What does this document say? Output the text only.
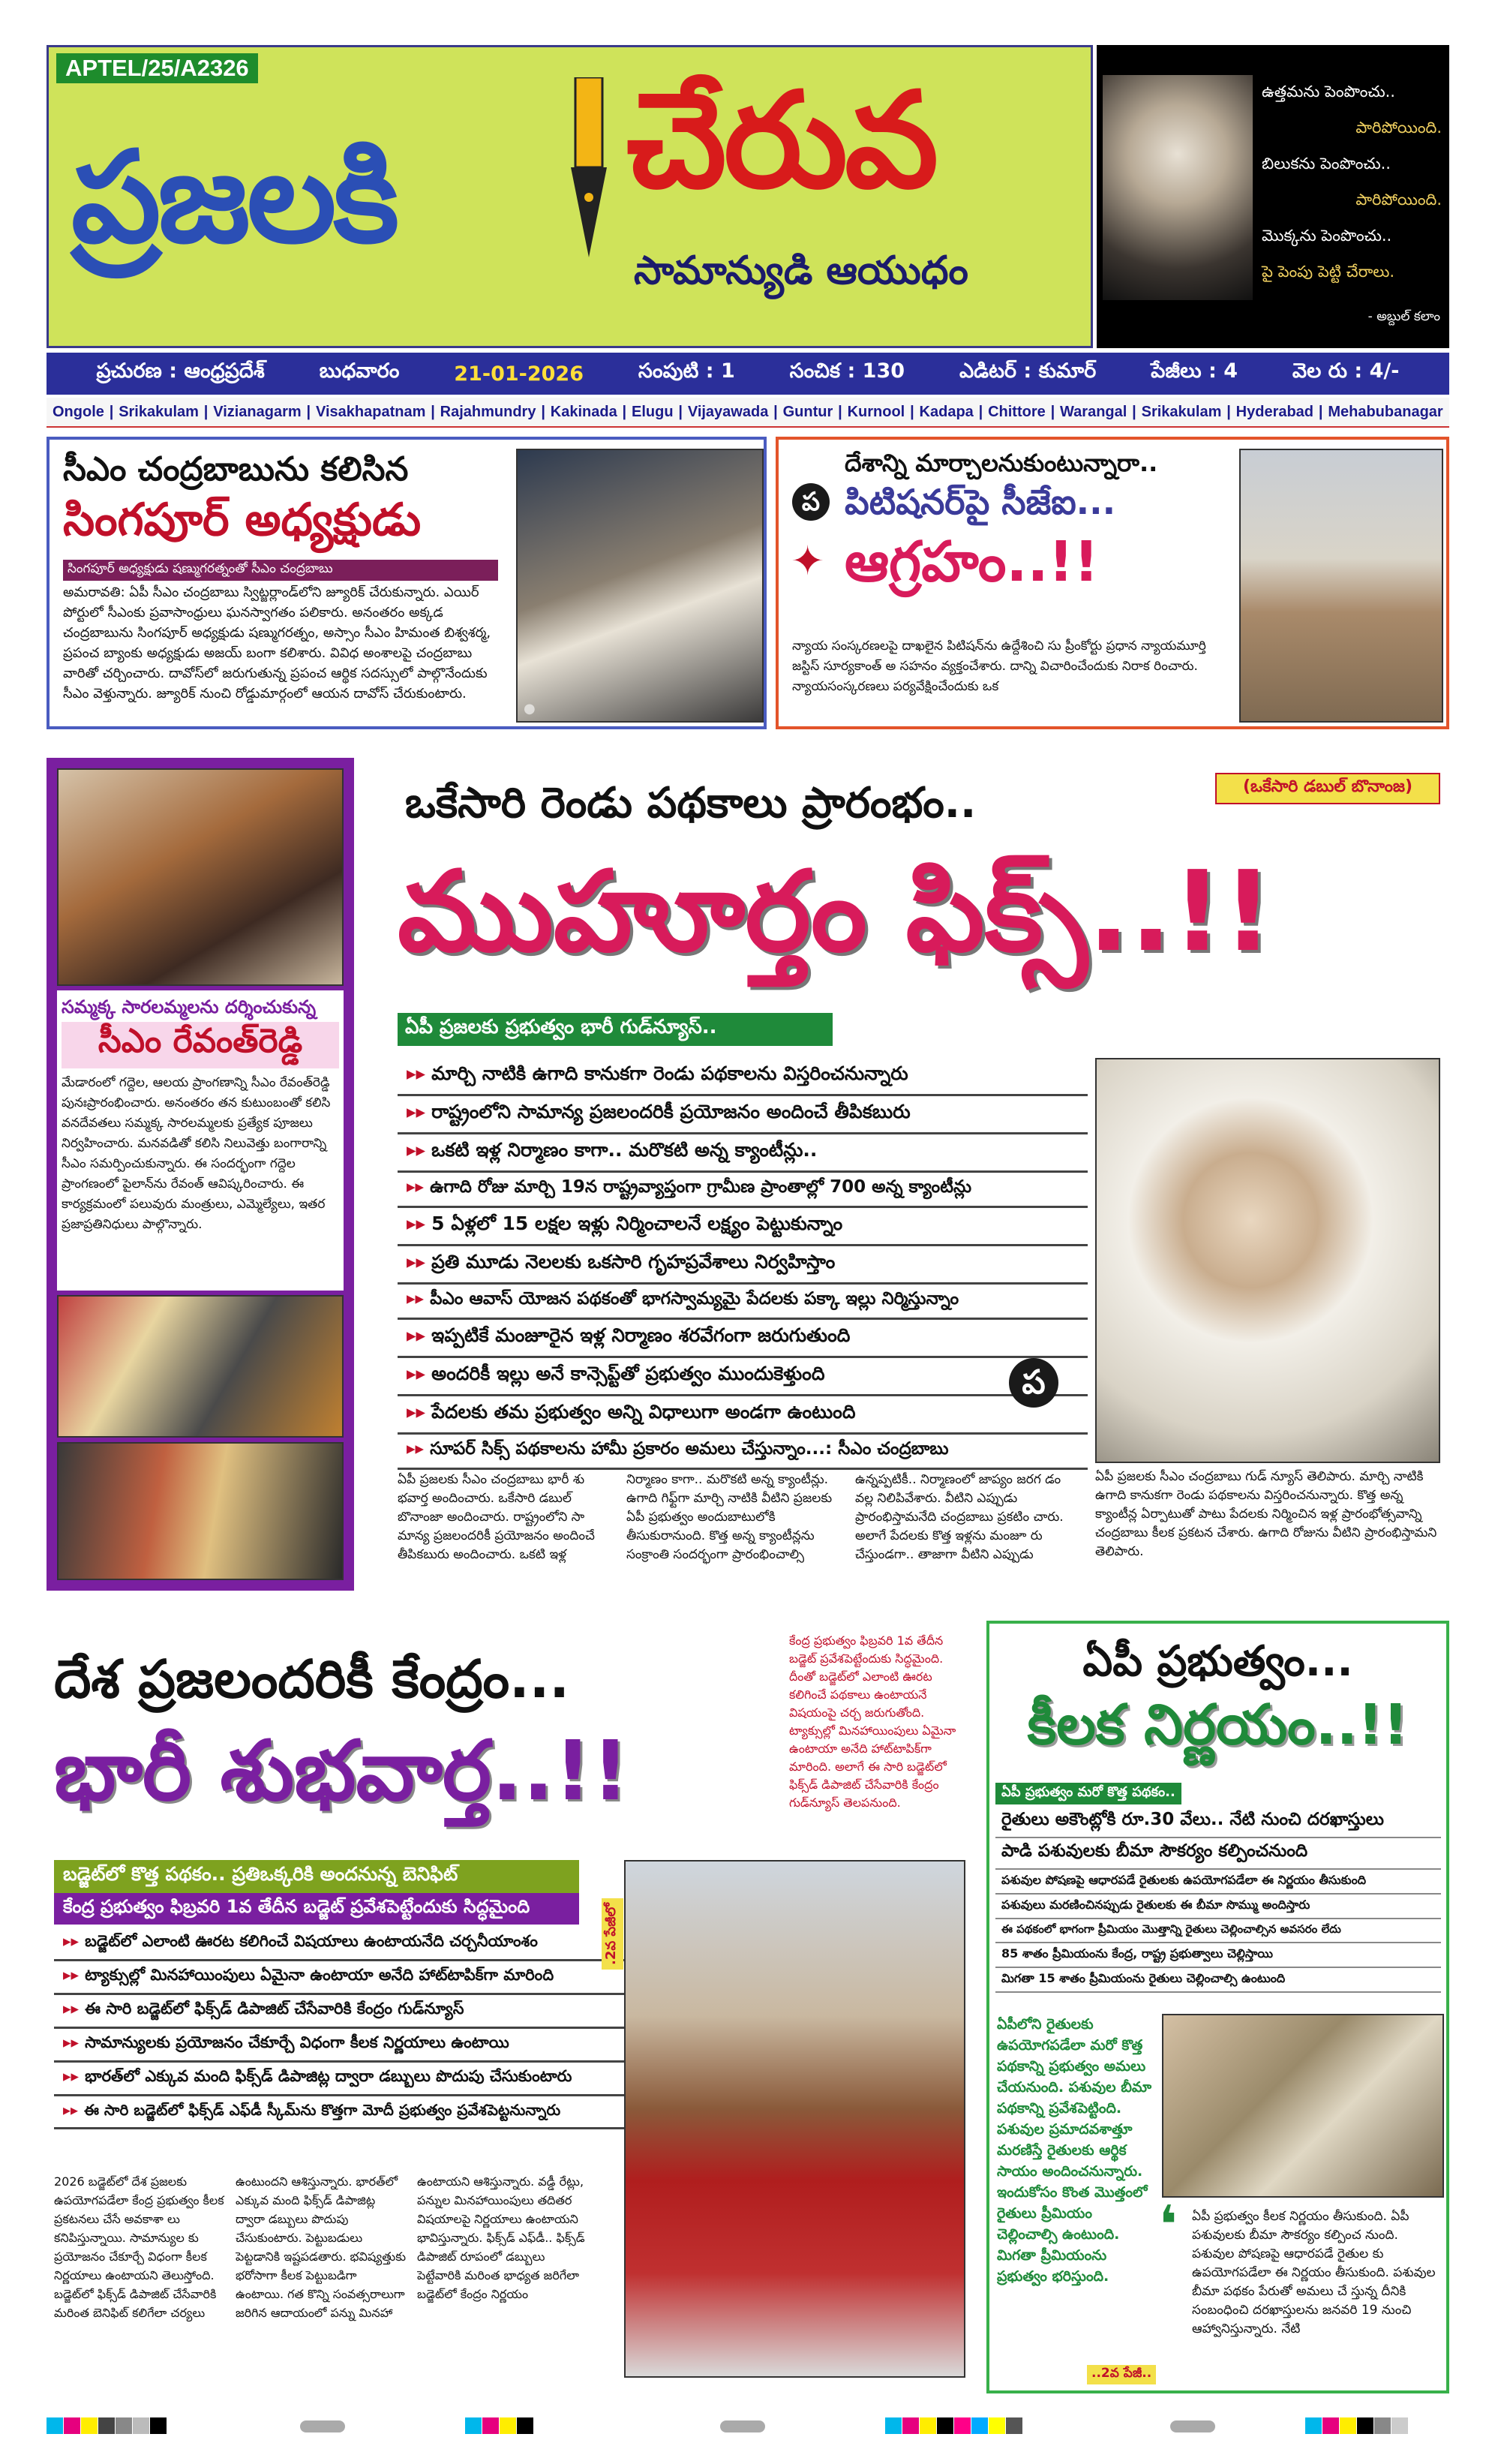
APTEL/25/A2326
ప్రజలకి చేరువ
సామాన్యుడి ఆయుధం
ఉత్తమను పెంపొంచు..
పారిపోయింది.
బిలుకను పెంపొంచు..
పారిపోయింది.
మొక్కను పెంపొంచు..
పై పెంపు పెట్టి చేరాలు.
- అబ్దుల్ కలాం
ప్రచురణ : ఆంధ్రప్రదేశ్	బుధవారం	21-01-2026	సంపుటి : 1	సంచిక : 130	ఎడిటర్ : కుమార్	పేజీలు : 4	వెల రు : 4/-
Ongole | Srikakulam | Vizianagarm | Visakhapatnam | Rajahmundry | Kakinada | Elugu | Vijayawada | Guntur | Kurnool | Kadapa | Chittore | Warangal | Srikakulam | Hyderabad | Mehabubanagar
సీఎం చంద్రబాబును కలిసిన
సింగపూర్ అధ్యక్షుడు
సింగపూర్ అధ్యక్షుడు షణ్ముగరత్నంతో సీఎం చంద్రబాబు
అమరావతి: ఏపీ సీఎం చంద్రబాబు స్విట్జర్లాండ్‌లోని జ్యూరిక్ చేరుకున్నారు. ఎయిర్ పోర్టులో సీఎంకు ప్రవాసాంధ్రులు ఘనస్వాగతం పలికారు. అనంతరం అక్కడ చంద్రబాబును సింగపూర్ అధ్యక్షుడు షణ్ముగరత్నం, అస్సాం సీఎం హిమంత బిశ్వశర్మ, ప్రపంచ బ్యాంకు అధ్యక్షుడు అజయ్ బంగా కలిశారు. వివిధ అంశాలపై చంద్రబాబు వారితో చర్చించారు. దావోస్‌లో జరుగుతున్న ప్రపంచ ఆర్థిక సదస్సులో పాల్గొనేందుకు సీఎం వెళ్తున్నారు. జ్యూరిక్ నుంచి రోడ్డుమార్గంలో ఆయన దావోస్ చేరుకుంటారు.
●
దేశాన్ని మార్చాలనుకుంటున్నారా..
ప పిటిషనర్‌పై సీజేఐ...
✦ ఆగ్రహం..!!
న్యాయ సంస్కరణలపై దాఖలైన పిటిషన్‌ను ఉద్దేశించి సు ప్రీంకోర్టు ప్రధాన న్యాయమూర్తి జస్టిస్ సూర్యకాంత్ అ సహనం వ్యక్తంచేశారు. దాన్ని విచారించేందుకు నిరాక రించారు. న్యాయసంస్కరణలు పర్యవేక్షించేందుకు ఒక
సమ్మక్క సారలమ్మలను దర్శించుకున్న
సీఎం రేవంత్‌రెడ్డి
మేడారంలో గద్దెల, ఆలయ ప్రాంగణాన్ని సీఎం రేవంత్‌రెడ్డి పునఃప్రారంభించారు. అనంతరం తన కుటుంబంతో కలిసి వనదేవతలు సమ్మక్క సారలమ్మలకు ప్రత్యేక పూజలు నిర్వహించారు. మనవడితో కలిసి నిలువెత్తు బంగారాన్ని సీఎం సమర్పించుకున్నారు. ఈ సందర్భంగా గద్దెల ప్రాంగణంలో పైలాన్‌ను రేవంత్ ఆవిష్కరించారు. ఈ కార్యక్రమంలో పలువురు మంత్రులు, ఎమ్మెల్యేలు, ఇతర ప్రజాప్రతినిధులు పాల్గొన్నారు.
ఒకేసారి రెండు పథకాలు ప్రారంభం..	(ఒకేసారి డబుల్ బొనాంజ)
ముహూర్తం ఫిక్స్..!!
ఏపీ ప్రజలకు ప్రభుత్వం భారీ గుడ్‌న్యూస్..
▸▸ మార్చి నాటికి ఉగాది కానుకగా రెండు పథకాలను విస్తరించనున్నారు
▸▸ రాష్ట్రంలోని సామాన్య ప్రజలందరికీ ప్రయోజనం అందించే తీపికబురు
▸▸ ఒకటి ఇళ్ల నిర్మాణం కాగా.. మరొకటి అన్న క్యాంటీన్లు..
▸▸ ఉగాది రోజు మార్చి 19న రాష్ట్రవ్యాప్తంగా గ్రామీణ ప్రాంతాల్లో 700 అన్న క్యాంటీన్లు
▸▸ 5 ఏళ్లలో 15 లక్షల ఇళ్లు నిర్మించాలనే లక్ష్యం పెట్టుకున్నాం
▸▸ ప్రతి మూడు నెలలకు ఒకసారి గృహప్రవేశాలు నిర్వహిస్తాం
▸▸ పీఎం ఆవాస్ యోజన పథకంతో భాగస్వామ్యమై పేదలకు పక్కా ఇల్లు నిర్మిస్తున్నాం
▸▸ ఇప్పటికే మంజూరైన ఇళ్ల నిర్మాణం శరవేగంగా జరుగుతుంది
▸▸ అందరికీ ఇల్లు అనే కాన్సెప్ట్‌తో ప్రభుత్వం ముందుకెళ్తుంది
▸▸ పేదలకు తమ ప్రభుత్వం అన్ని విధాలుగా అండగా ఉంటుంది
▸▸ సూపర్ సిక్స్ పథకాలను హామీ ప్రకారం అమలు చేస్తున్నాం...: సీఎం చంద్రబాబు
ప
ఏపీ ప్రజలకు సీఎం చంద్రబాబు భారీ శు భవార్త అందించారు. ఒకేసారి డబుల్ బొనాంజా అందించారు. రాష్ట్రంలోని సా మాన్య ప్రజలందరికీ ప్రయోజనం అందించే తీపికబురు అందించారు. ఒకటి ఇళ్ల
నిర్మాణం కాగా.. మరొకటి అన్న క్యాంటీన్లు. ఉగాది గిఫ్ట్‌గా మార్చి నాటికి వీటిని ప్రజలకు ఏపీ ప్రభుత్వం అందుబాటులోకి తీసుకురానుంది. కొత్త అన్న క్యాంటీన్లను సంక్రాంతి సందర్భంగా ప్రారంభించాల్సి
ఉన్నప్పటికీ.. నిర్మాణంలో జాప్యం జరగ డం వల్ల నిలిపివేశారు. వీటిని ఎప్పుడు ప్రారంభిస్తామనేది చంద్రబాబు ప్రకటిం చారు. అలాగే పేదలకు కొత్త ఇళ్లను మంజూ రు చేస్తుండగా.. తాజాగా వీటిని ఎప్పుడు
ఏపీ ప్రజలకు సీఎం చంద్రబాబు గుడ్ న్యూస్ తెలిపారు. మార్చి నాటికి ఉగాది కానుకగా రెండు పథకాలను విస్తరించనున్నారు. కొత్త అన్న క్యాంటీన్ల ఏర్పాటుతో పాటు పేదలకు నిర్మించిన ఇళ్ల ప్రారంభోత్సవాన్ని చంద్రబాబు కీలక ప్రకటన చేశారు. ఉగాది రోజును వీటిని ప్రారంభిస్తామని తెలిపారు.
దేశ ప్రజలందరికీ కేంద్రం...
భారీ శుభవార్త..!!
కేంద్ర ప్రభుత్వం ఫిబ్రవరి 1వ తేదీన బడ్జెట్ ప్రవేశపెట్టేందుకు సిద్ధమైంది. దీంతో బడ్జెట్‌లో ఎలాంటి ఊరట కలిగించే పథకాలు ఉంటాయనే విషయంపై చర్చ జరుగుతోంది. ట్యాక్సుల్లో మినహాయింపులు ఏమైనా ఉంటాయా అనేది హాట్‌టాపిక్‌గా మారింది. అలాగే ఈ సారి బడ్జెట్‌లో ఫిక్స్‌డ్ డిపాజిట్ చేసేవారికి కేంద్రం గుడ్‌న్యూస్ తెలపనుంది.
బడ్జెట్‌లో కొత్త పథకం.. ప్రతిఒక్కరికి అందనున్న బెనిఫిట్
కేంద్ర ప్రభుత్వం ఫిబ్రవరి 1వ తేదీన బడ్జెట్ ప్రవేశపెట్టేందుకు సిద్ధమైంది
▸▸ బడ్జెట్‌లో ఎలాంటి ఊరట కలిగించే విషయాలు ఉంటాయనేది చర్చనీయాంశం
▸▸ ట్యాక్సుల్లో మినహాయింపులు ఏమైనా ఉంటాయా అనేది హాట్‌టాపిక్‌గా మారింది
▸▸ ఈ సారి బడ్జెట్‌లో ఫిక్స్‌డ్ డిపాజిట్ చేసేవారికి కేంద్రం గుడ్‌న్యూస్
▸▸ సామాన్యులకు ప్రయోజనం చేకూర్చే విధంగా కీలక నిర్ణయాలు ఉంటాయి
▸▸ భారత్‌లో ఎక్కువ మంది ఫిక్స్‌డ్ డిపాజిట్ల ద్వారా డబ్బులు పొదుపు చేసుకుంటారు
▸▸ ఈ సారి బడ్జెట్‌లో ఫిక్స్‌డ్ ఎఫ్‌డీ స్కీమ్‌ను కొత్తగా మోదీ ప్రభుత్వం ప్రవేశపెట్టనున్నారు
2026 బడ్జెట్‌లో దేశ ప్రజలకు ఉపయోగపడేలా కేంద్ర ప్రభుత్వం కీలక ప్రకటనలు చేసే అవకాశా లు కనిపిస్తున్నాయి. సామాన్యుల కు ప్రయోజనం చేకూర్చే విధంగా కీలక నిర్ణయాలు ఉంటాయని తెలుస్తోంది. బడ్జెట్‌లో ఫిక్స్‌డ్ డిపాజిట్ చేసేవారికి మరింత బెనిఫిట్ కలిగేలా చర్యలు
ఉంటుందని ఆశిస్తున్నారు. భారత్‌లో ఎక్కువ మంది ఫిక్స్‌డ్ డిపాజిట్ల ద్వారా డబ్బులు పొదుపు చేసుకుంటారు. పెట్టుబడులు పెట్టడానికి ఇష్టపడతారు. భవిష్యత్తుకు భరోసాగా కీలక పెట్టుబడిగా ఉంటాయి. గత కొన్ని సంవత్సరాలుగా జరిగిన ఆదాయంలో పన్ను మినహా
ఉంటాయని ఆశిస్తున్నారు. వడ్డీ రేట్లు, పన్నుల మినహాయింపులు తదితర విషయాలపై నిర్ణయాలు ఉంటాయని భావిస్తున్నారు. ఫిక్స్‌డ్ ఎఫ్‌డీ.. ఫిక్స్‌డ్ డిపాజిట్ రూపంలో డబ్బులు పెట్టేవారికి మరింత భాధ్యత జరిగేలా బడ్జెట్‌లో కేంద్రం నిర్ణయం
.2వ పేజీలో
ఏపీ ప్రభుత్వం...
కీలక నిర్ణయం..!!
ఏపీ ప్రభుత్వం మరో కొత్త పథకం..
రైతులు అకౌంట్లోకి రూ.30 వేలు.. నేటి నుంచి దరఖాస్తులు
పాడి పశువులకు బీమా సౌకర్యం కల్పించనుంది
పశువుల పోషణపై ఆధారపడే రైతులకు ఉపయోగపడేలా ఈ నిర్ణయం తీసుకుంది
పశువులు మరణించినప్పుడు రైతులకు ఈ బీమా సొమ్ము అందిస్తారు
ఈ పథకంలో భాగంగా ప్రీమియం మొత్తాన్ని రైతులు చెల్లించాల్సిన అవసరం లేదు
85 శాతం ప్రీమియంను కేంద్ర, రాష్ట్ర ప్రభుత్వాలు చెల్లిస్తాయి
మిగతా 15 శాతం ప్రీమియంను రైతులు చెల్లించాల్సి ఉంటుంది
ఏపీలోని రైతులకు ఉపయోగపడేలా మరో కొత్త పథకాన్ని ప్రభుత్వం అమలు చేయనుంది. పశువుల బీమా పథకాన్ని ప్రవేశపెట్టింది. పశువుల ప్రమాదవశాత్తూ మరణిస్తే రైతులకు ఆర్థిక సాయం అందించనున్నారు. ఇందుకోసం కొంత మొత్తంలో రైతులు ప్రీమియం చెల్లించాల్సి ఉంటుంది. మిగతా ప్రీమియంను ప్రభుత్వం భరిస్తుంది.
❛ ఏపీ ప్రభుత్వం కీలక నిర్ణయం తీసుకుంది. ఏపీ పశువులకు బీమా సౌకర్యం కల్పించ నుంది. పశువుల పోషణపై ఆధారపడే రైతుల కు ఉపయోగపడేలా ఈ నిర్ణయం తీసుకుంది. పశువుల బీమా పథకం పేరుతో అమలు చే స్తున్న దీనికి సంబంధించి దరఖాస్తులను జనవరి 19 నుంచి ఆహ్వానిస్తున్నారు. నేటి
..2వ పేజీ..
